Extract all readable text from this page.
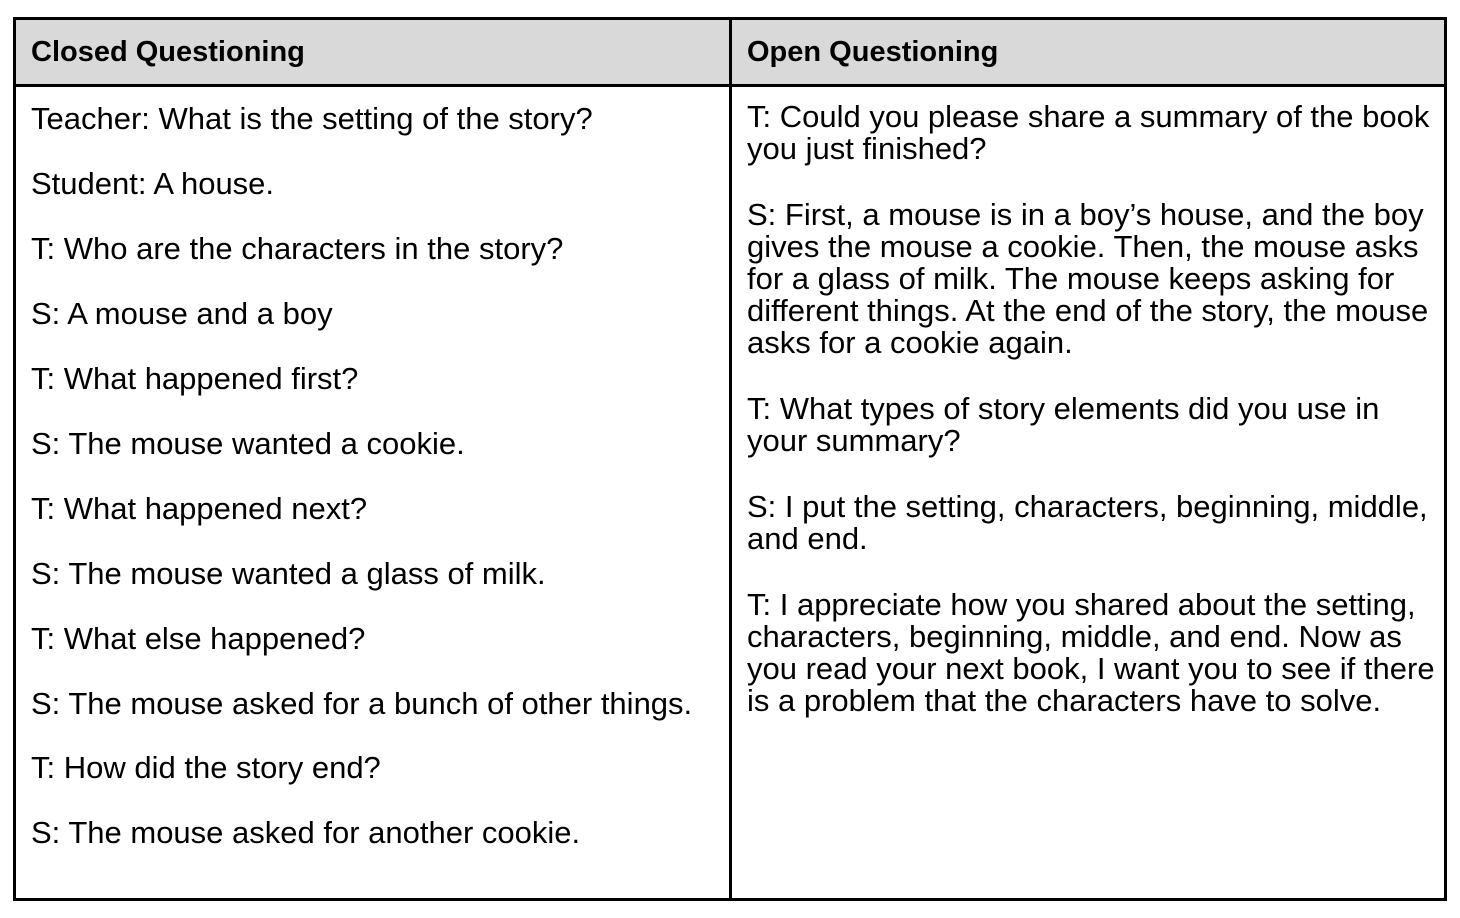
Closed Questioning	Open Questioning

Teacher: What is the setting of the story?

Student: A house.

T: Who are the characters in the story?

S: A mouse and a boy

T: What happened first?

S: The mouse wanted a cookie.

T: What happened next?

S: The mouse wanted a glass of milk.

T: What else happened?

S: The mouse asked for a bunch of other things.

T: How did the story end?

S: The mouse asked for another cookie.

T: Could you please share a summary of the book you just finished?

S: First, a mouse is in a boy’s house, and the boy gives the mouse a cookie. Then, the mouse asks for a glass of milk. The mouse keeps asking for different things. At the end of the story, the mouse asks for a cookie again.

T: What types of story elements did you use in your summary?

S: I put the setting, characters, beginning, middle, and end.

T: I appreciate how you shared about the setting, characters, beginning, middle, and end. Now as you read your next book, I want you to see if there is a problem that the characters have to solve.
